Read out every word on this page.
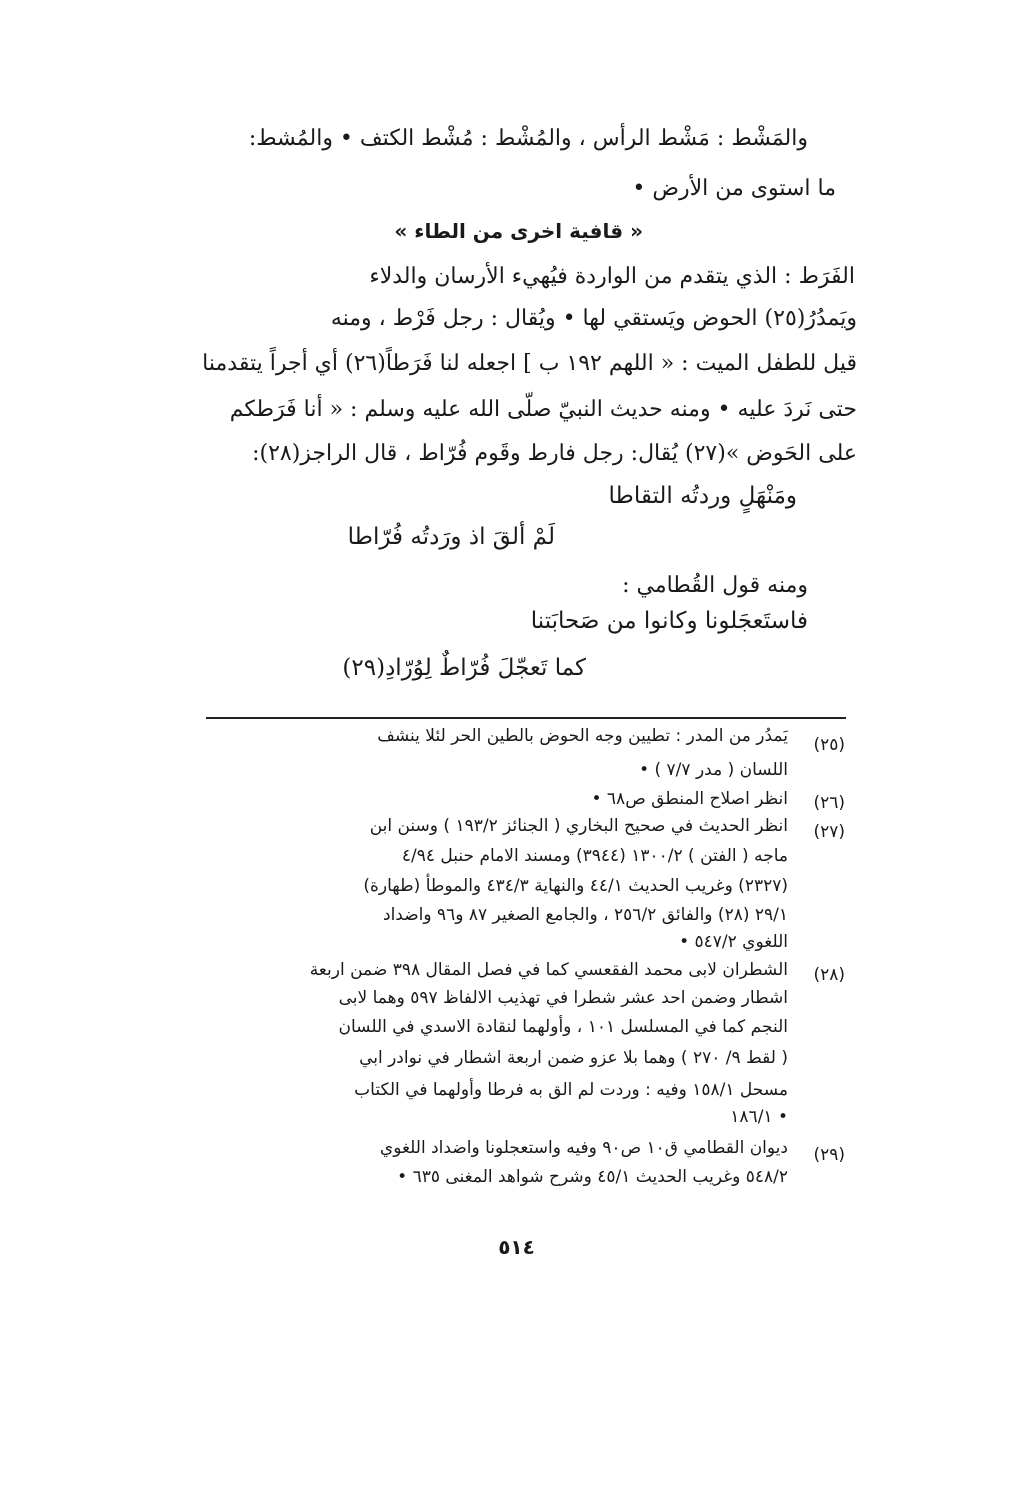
والمَشْط : مَشْط الرأس ، والمُشْط : مُشْط الكتف • والمُشط:
ما استوى من الأرض •
« قافية اخرى من الطاء »
الفَرَط : الذي يتقدم من الواردة فيُهيء الأرسان والدلاء
ويَمدُرُ(٢٥) الحوض ويَستقي لها • ويُقال : رجل فَرْط ، ومنه
قيل للطفل الميت : « اللهم ١٩٢ ب ] اجعله لنا فَرَطاً(٢٦) أي أجراً يتقدمنا
حتى نَردَ عليه • ومنه حديث النبيّ صلّى الله عليه وسلم : « أنا فَرَطكم
على الحَوض »(٢٧) يُقال: رجل فارط وقَوم فُرّاط ، قال الراجز(٢٨):
ومَنْهَلٍ وردتُه التقاطا
لَمْ ألقَ اذ ورَدتُه فُرّاطا
ومنه قول القُطامي :
فاستَعجَلونا وكانوا من صَحابَتنا
كما تَعجّلَ فُرّاطٌ لِوُرّادِ(٢٩)
(٢٥)
يَمدُر من المدر : تطيين وجه الحوض بالطين الحر لئلا ينشف
اللسان ( مدر ٧/٧ ) •
(٢٦)
انظر اصلاح المنطق ص٦٨ •
(٢٧)
انظر الحديث في صحيح البخاري ( الجنائز ١٩٣/٢ ) وسنن ابن
ماجه ( الفتن ) ١٣٠٠/٢ (٣٩٤٤) ومسند الامام حنبل ٤/٩٤
(٢٣٢٧) وغريب الحديث ٤٤/١ والنهاية ٤٣٤/٣ والموطأ (طهارة)
٢٩/١ (٢٨) والفائق ٢٥٦/٢ ، والجامع الصغير ٨٧ و٩٦ واضداد
اللغوي ٥٤٧/٢ •
(٢٨)
الشطران لابى محمد الفقعسي كما في فصل المقال ٣٩٨ ضمن اربعة
اشطار وضمن احد عشر شطرا في تهذيب الالفاظ ٥٩٧ وهما لابى
النجم كما في المسلسل ١٠١ ، وأولهما لنقادة الاسدي في اللسان
( لقط ٩/ ٢٧٠ ) وهما بلا عزو ضمن اربعة اشطار في نوادر ابي
مسحل ١٥٨/١ وفيه : وردت لم الق به فرطا وأولهما في الكتاب
١٨٦/١ •
(٢٩)
ديوان القطامي ق١٠ ص٩٠ وفيه واستعجلونا واضداد اللغوي
٥٤٨/٢ وغريب الحديث ٤٥/١ وشرح شواهد المغنى ٦٣٥ •
٥١٤
